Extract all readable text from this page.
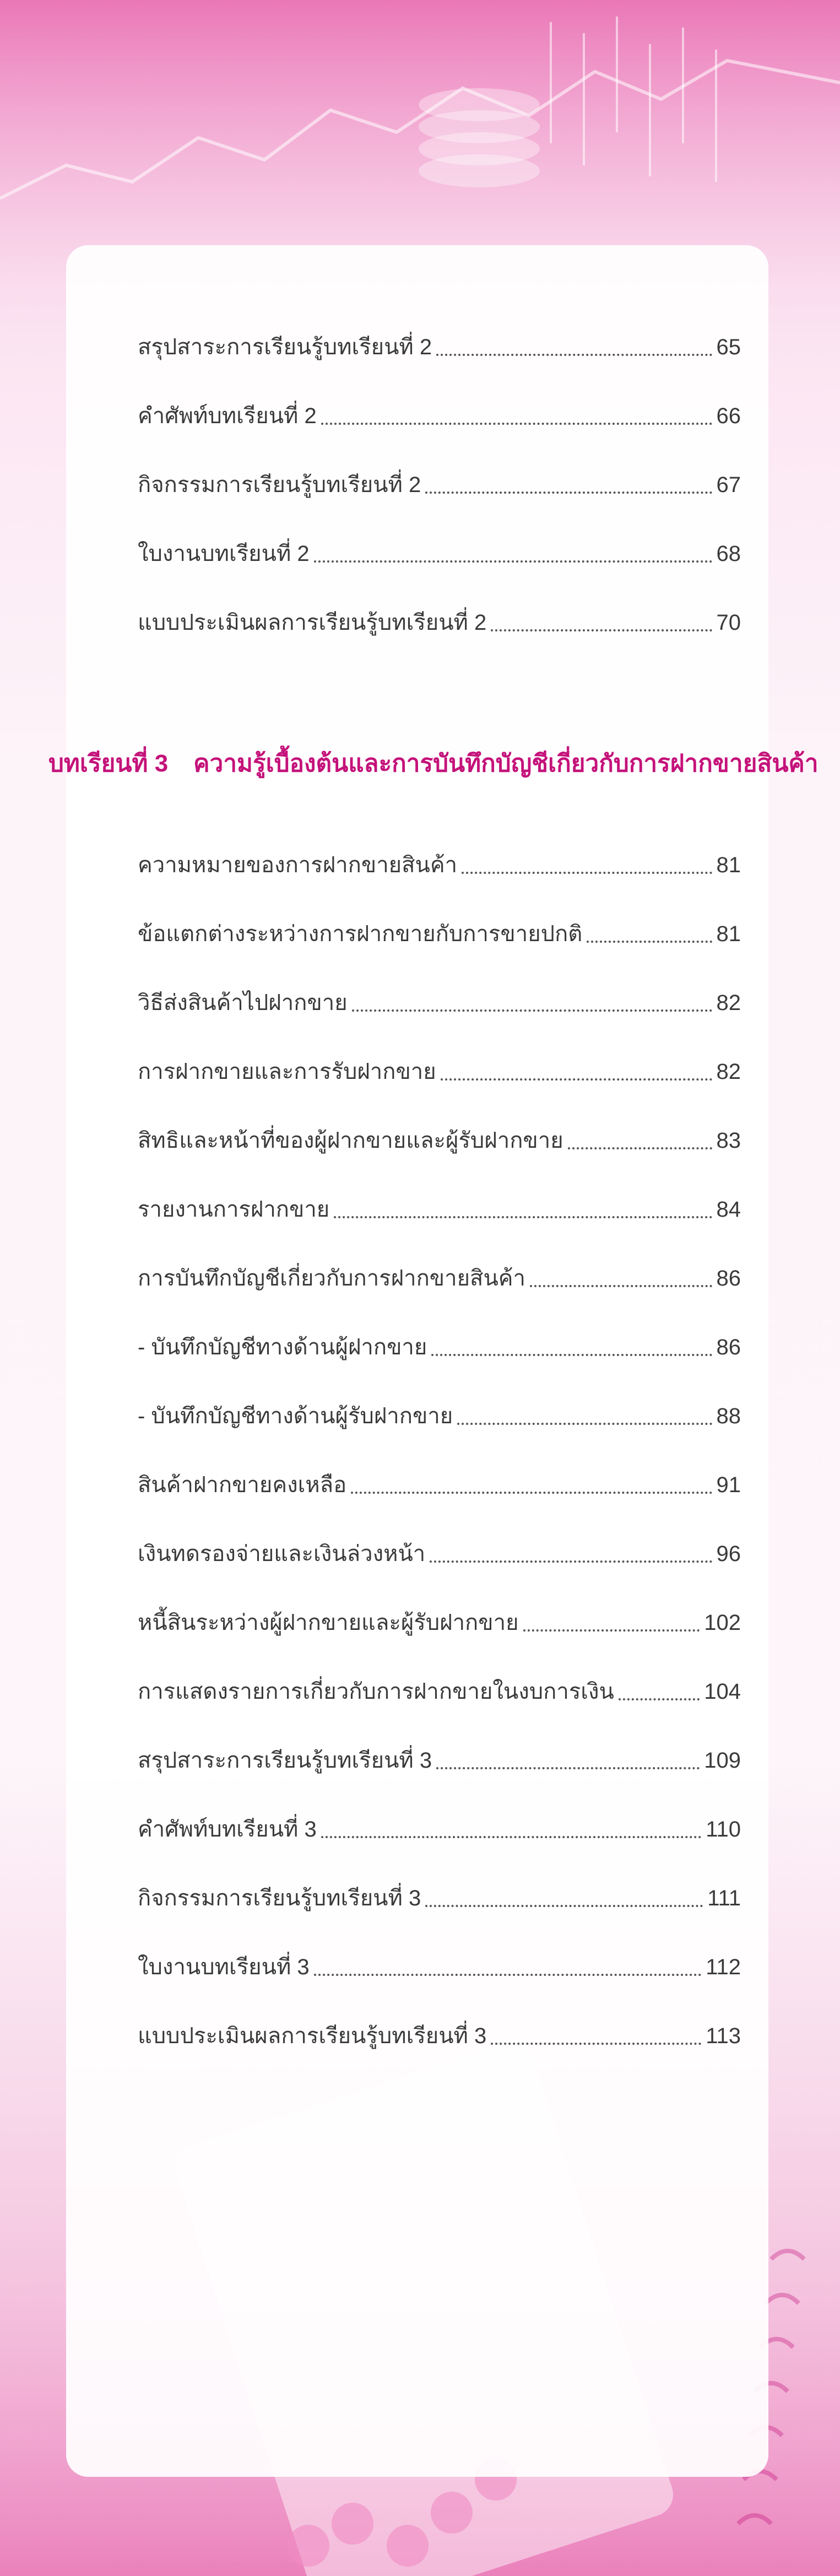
สรุปสาระการเรียนรู้บทเรียนที่ 2	65
คำศัพท์บทเรียนที่ 2	66
กิจกรรมการเรียนรู้บทเรียนที่ 2	67
ใบงานบทเรียนที่ 2	68
แบบประเมินผลการเรียนรู้บทเรียนที่ 2	70
บทเรียนที่ 3 ความรู้เบื้องต้นและการบันทึกบัญชีเกี่ยวกับการฝากขายสินค้า
ความหมายของการฝากขายสินค้า	81
ข้อแตกต่างระหว่างการฝากขายกับการขายปกติ	81
วิธีส่งสินค้าไปฝากขาย	82
การฝากขายและการรับฝากขาย	82
สิทธิและหน้าที่ของผู้ฝากขายและผู้รับฝากขาย	83
รายงานการฝากขาย	84
การบันทึกบัญชีเกี่ยวกับการฝากขายสินค้า	86
- บันทึกบัญชีทางด้านผู้ฝากขาย	86
- บันทึกบัญชีทางด้านผู้รับฝากขาย	88
สินค้าฝากขายคงเหลือ	91
เงินทดรองจ่ายและเงินล่วงหน้า	96
หนี้สินระหว่างผู้ฝากขายและผู้รับฝากขาย	102
การแสดงรายการเกี่ยวกับการฝากขายในงบการเงิน	104
สรุปสาระการเรียนรู้บทเรียนที่ 3	109
คำศัพท์บทเรียนที่ 3	110
กิจกรรมการเรียนรู้บทเรียนที่ 3	111
ใบงานบทเรียนที่ 3	112
แบบประเมินผลการเรียนรู้บทเรียนที่ 3	113
